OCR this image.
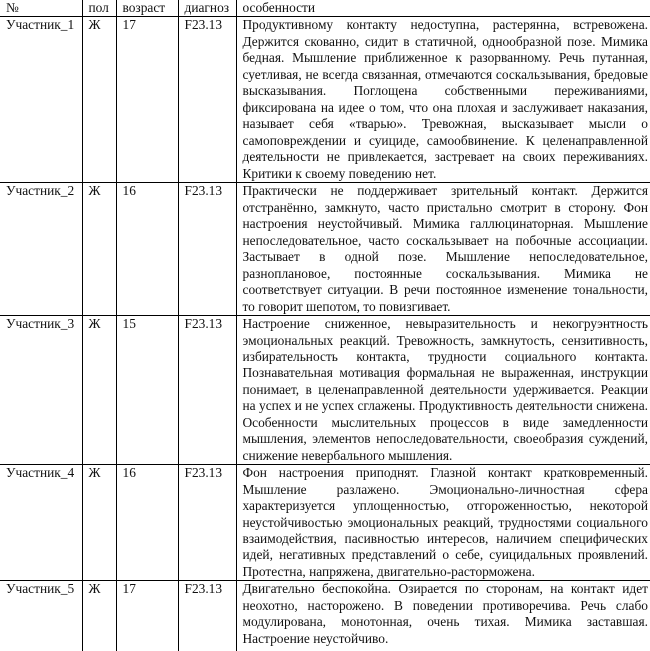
№	пол	возраст	диагноз	особенности
Участник_1	Ж	17	F23.13	Продуктивному контакту недоступна, растерянна, встревожена. Держится скованно, сидит в статичной, однообразной позе. Мимика бедная. Мышление приближенное к разорванному. Речь путанная, суетливая, не всегда связанная, отмечаются соскальзывания, бредовые высказывания. Поглощена собственными переживаниями, фиксирована на идее о том, что она плохая и заслуживает наказания, называет себя «тварью». Тревожная, высказывает мысли о самоповреждении и суициде, самообвинение. К целенаправленной деятельности не привлекается, застревает на своих переживаниях. Критики к своему поведению нет.
Участник_2	Ж	16	F23.13	Практически не поддерживает зрительный контакт. Держится отстранённо, замкнуто, часто пристально смотрит в сторону. Фон настроения неустойчивый. Мимика галлюцинаторная. Мышление непоследовательное, часто соскальзывает на побочные ассоциации. Застывает в одной позе. Мышление непоследовательное, разноплановое, постоянные соскальзывания. Мимика не соответствует ситуации. В речи постоянное изменение тональности, то говорит шепотом, то повизгивает.
Участник_3	Ж	15	F23.13	Настроение сниженное, невыразительность и некогруэнтность эмоциональных реакций. Тревожность, замкнутость, сензитивность, избирательность контакта, трудности социального контакта. Познавательная мотивация формальная не выраженная, инструкции понимает, в целенаправленной деятельности удерживается. Реакции на успех и не успех сглажены. Продуктивность деятельности снижена. Особенности мыслительных процессов в виде замедленности мышления, элементов непоследовательности, своеобразия суждений, снижение невербального мышления.
Участник_4	Ж	16	F23.13	Фон настроения приподнят. Глазной контакт кратковременный. Мышление разлажено. Эмоционально-личностная сфера характеризуется уплощенностью, отгороженностью, некоторой неустойчивостью эмоциональных реакций, трудностями социального взаимодействия, пасивностью интересов, наличием специфических идей, негативных представлений о себе, суицидальных проявлений. Протестна, напряжена, двигательно-расторможена.
Участник_5	Ж	17	F23.13	Двигательно беспокойна. Озирается по сторонам, на контакт идет неохотно, настороженo. В поведении противоречива. Речь слабо модулирована, монотонная, очень тихая. Мимика заставшая. Настроение неустойчиво.
